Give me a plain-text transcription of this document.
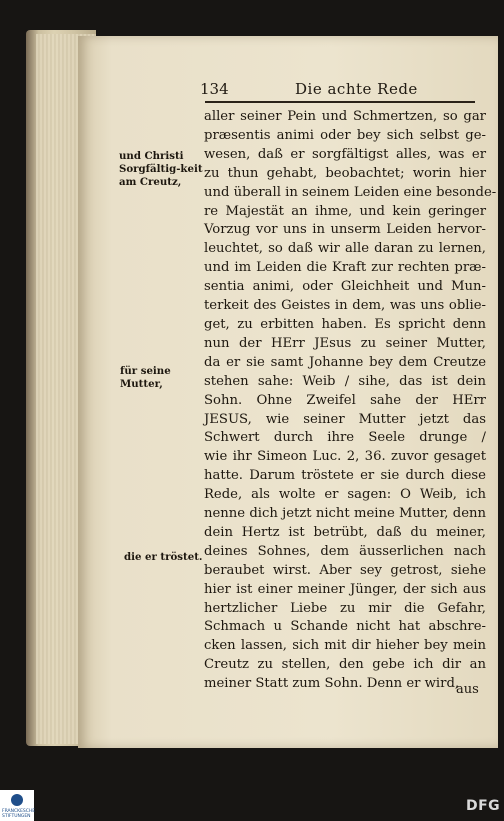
134	Die achte Rede
und Christi Sorgfältig-keit am Creutz,
für seine Mutter,
die er tröstet.
aller seiner Pein und Schmertzen, so gar
præsentis animi oder bey sich selbst ge-
wesen, daß er sorgfältigst alles, was er
zu thun gehabt, beobachtet; worin hier
und überall in seinem Leiden eine besonde-
re Majestät an ihme, und kein geringer
Vorzug vor uns in unserm Leiden hervor-
leuchtet, so daß wir alle daran zu lernen,
und im Leiden die Kraft zur rechten præ-
sentia animi, oder Gleichheit und Mun-
terkeit des Geistes in dem, was uns oblie-
get, zu erbitten haben. Es spricht denn
nun der HErr JEsus zu seiner Mutter,
da er sie samt Johanne bey dem Creutze
stehen sahe: Weib / sihe, das ist dein
Sohn. Ohne Zweifel sahe der HErr
JESUS, wie seiner Mutter jetzt das
Schwert durch ihre Seele drunge /
wie ihr Simeon Luc. 2, 36. zuvor gesaget
hatte. Darum tröstete er sie durch diese
Rede, als wolte er sagen: O Weib, ich
nenne dich jetzt nicht meine Mutter, denn
dein Hertz ist betrübt, daß du meiner,
deines Sohnes, dem äusserlichen nach
beraubet wirst. Aber sey getrost, siehe
hier ist einer meiner Jünger, der sich aus
hertzlicher Liebe zu mir die Gefahr,
Schmach u Schande nicht hat abschre-
cken lassen, sich mit dir hieher bey mein
Creutz zu stellen, den gebe ich dir an
meiner Statt zum Sohn. Denn er wird,
aus
FRANCKESCHE STIFTUNGEN
DFG
